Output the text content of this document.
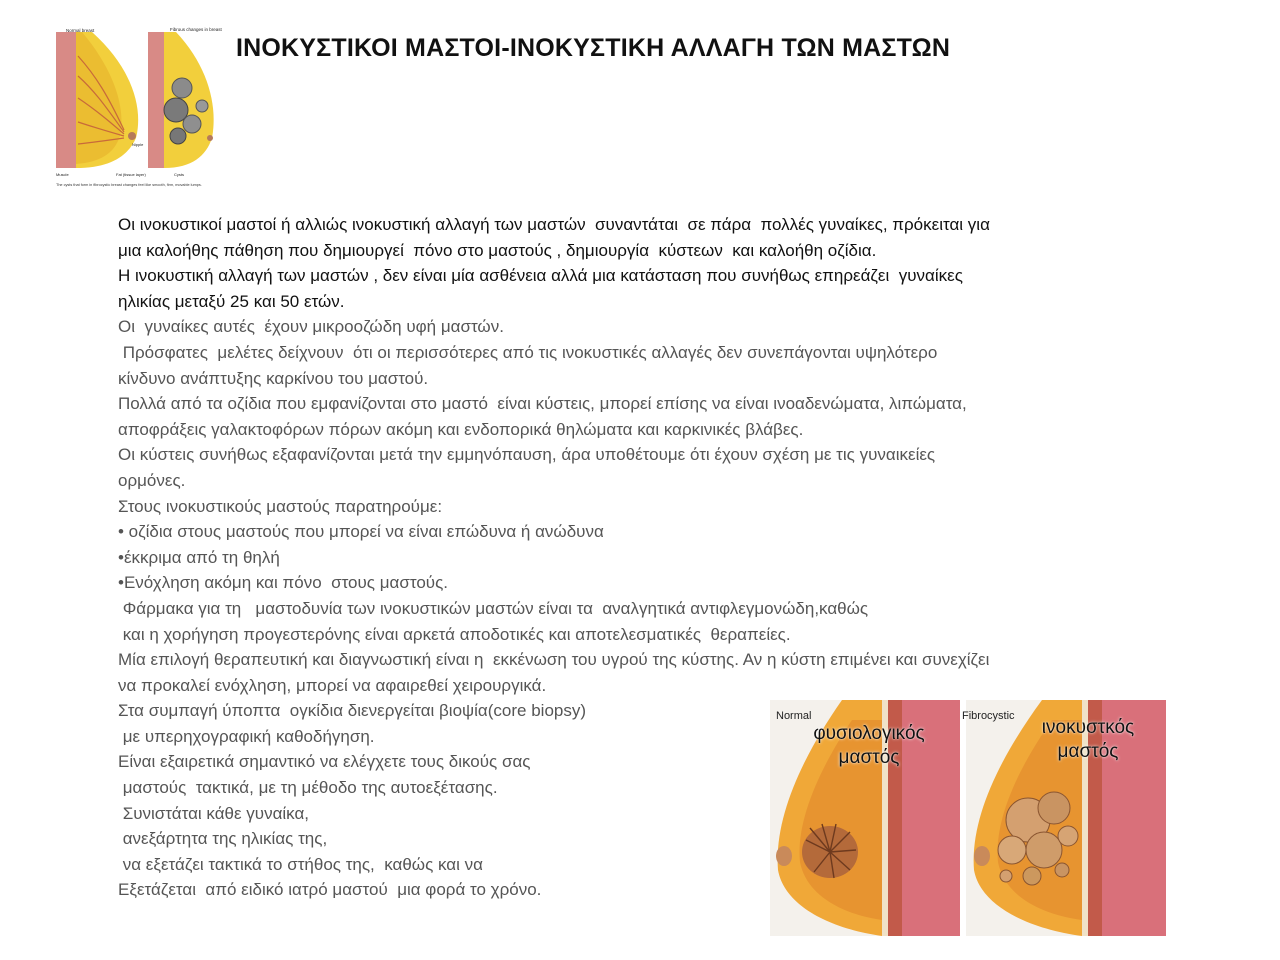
ΙΝΟΚΥΣΤΙΚΟΙ ΜΑΣΤΟΙ-ΙΝΟΚΥΣΤΙΚΗ ΑΛΛΑΓΗ ΤΩΝ ΜΑΣΤΩΝ
Normal breast	Fibrous changes in breast
Nipple
Muscle	Fat (tissue layer)	Cysts
The cysts that form in fibrocystic breast changes feel like smooth, firm, movable lumps.
Οι ινοκυστικοί μαστοί ή αλλιώς ινοκυστική αλλαγή των μαστών  συναντάται  σε πάρα  πολλές γυναίκες, πρόκειται για
μια καλοήθης πάθηση που δημιουργεί  πόνο στο μαστούς , δημιουργία  κύστεων  και καλοήθη οζίδια.
Η ινοκυστική αλλαγή των μαστών , δεν είναι μία ασθένεια αλλά μια κατάσταση που συνήθως επηρεάζει  γυναίκες
ηλικίας μεταξύ 25 και 50 ετών.
Οι  γυναίκες αυτές  έχουν μικροοζώδη υφή μαστών.
Πρόσφατες  μελέτες δείχνουν  ότι οι περισσότερες από τις ινοκυστικές αλλαγές δεν συνεπάγονται υψηλότερο
κίνδυνο ανάπτυξης καρκίνου του μαστού.
Πολλά από τα οζίδια που εμφανίζονται στο μαστό  είναι κύστεις, μπορεί επίσης να είναι ινοαδενώματα, λιπώματα,
αποφράξεις γαλακτοφόρων πόρων ακόμη και ενδοπορικά θηλώματα και καρκινικές βλάβες.
Οι κύστεις συνήθως εξαφανίζονται μετά την εμμηνόπαυση, άρα υποθέτουμε ότι έχουν σχέση με τις γυναικείες
ορμόνες.
Στους ινοκυστικούς μαστούς παρατηρούμε:
• οζίδια στους μαστούς που μπορεί να είναι επώδυνα ή ανώδυνα
•έκκριμα από τη θηλή
•Ενόχληση ακόμη και πόνο  στους μαστούς.
Φάρμακα για τη   μαστοδυνία των ινοκυστικών μαστών είναι τα  αναλγητικά αντιφλεγμονώδη,καθώς
και η χορήγηση προγεστερόνης είναι αρκετά αποδοτικές και αποτελεσματικές  θεραπείες.
Μία επιλογή θεραπευτική και διαγνωστική είναι η  εκκένωση του υγρού της κύστης. Αν η κύστη επιμένει και συνεχίζει
να προκαλεί ενόχληση, μπορεί να αφαιρεθεί χειρουργικά.
Στα συμπαγή ύποπτα  ογκίδια διενεργείται βιοψία(core biopsy)
με υπερηχογραφική καθοδήγηση.
Είναι εξαιρετικά σημαντικό να ελέγχετε τους δικούς σας
μαστούς  τακτικά, με τη μέθοδο της αυτοεξέτασης.
Συνιστάται κάθε γυναίκα,
ανεξάρτητα της ηλικίας της,
να εξετάζει τακτικά το στήθος της,  καθώς και να
Εξετάζεται  από ειδικό ιατρό μαστού  μια φορά το χρόνο.
Normal	Fibrocystic
φυσιολογικός
μαστός
ινοκυστκός
μαστός
